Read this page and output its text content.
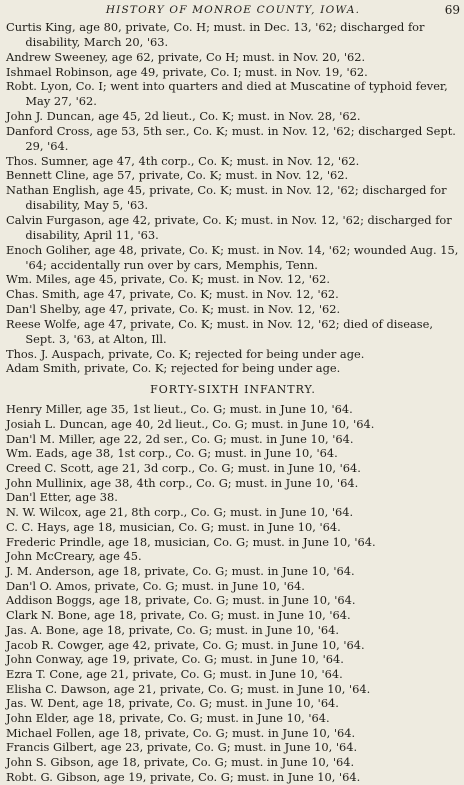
HISTORY OF MONROE COUNTY, IOWA.	69
Curtis King, age 80, private, Co. H; must. in Dec. 13, '62; discharged for disability, March 20, '63.
Andrew Sweeney, age 62, private, Co H; must. in Nov. 20, '62.
Ishmael Robinson, age 49, private, Co. I; must. in Nov. 19, '62.
Robt. Lyon, Co. I; went into quarters and died at Muscatine of typhoid fever, May 27, '62.
John J. Duncan, age 45, 2d lieut., Co. K; must. in Nov. 28, '62.
Danford Cross, age 53, 5th ser., Co. K; must. in Nov. 12, '62; discharged Sept. 29, '64.
Thos. Sumner, age 47, 4th corp., Co. K; must. in Nov. 12, '62.
Bennett Cline, age 57, private, Co. K; must. in Nov. 12, '62.
Nathan English, age 45, private, Co. K; must. in Nov. 12, '62; discharged for disability, May 5, '63.
Calvin Furgason, age 42, private, Co. K; must. in Nov. 12, '62; discharged for disability, April 11, '63.
Enoch Goliher, age 48, private, Co. K; must. in Nov. 14, '62; wounded Aug. 15, '64; accidentally run over by cars, Memphis, Tenn.
Wm. Miles, age 45, private, Co. K; must. in Nov. 12, '62.
Chas. Smith, age 47, private, Co. K; must. in Nov. 12, '62.
Dan'l Shelby, age 47, private, Co. K; must. in Nov. 12, '62.
Reese Wolfe, age 47, private, Co. K; must. in Nov. 12, '62; died of disease, Sept. 3, '63, at Alton, Ill.
Thos. J. Auspach, private, Co. K; rejected for being under age.
Adam Smith, private, Co. K; rejected for being under age.
FORTY-SIXTH INFANTRY.
Henry Miller, age 35, 1st lieut., Co. G; must. in June 10, '64.
Josiah L. Duncan, age 40, 2d lieut., Co. G; must. in June 10, '64.
Dan'l M. Miller, age 22, 2d ser., Co. G; must. in June 10, '64.
Wm. Eads, age 38, 1st corp., Co. G; must. in June 10, '64.
Creed C. Scott, age 21, 3d corp., Co. G; must. in June 10, '64.
John Mullinix, age 38, 4th corp., Co. G; must. in June 10, '64.
Dan'l Etter, age 38.
N. W. Wilcox, age 21, 8th corp., Co. G; must. in June 10, '64.
C. C. Hays, age 18, musician, Co. G; must. in June 10, '64.
Frederic Prindle, age 18, musician, Co. G; must. in June 10, '64.
John McCreary, age 45.
J. M. Anderson, age 18, private, Co. G; must. in June 10, '64.
Dan'l O. Amos, private, Co. G; must. in June 10, '64.
Addison Boggs, age 18, private, Co. G; must. in June 10, '64.
Clark N. Bone, age 18, private, Co. G; must. in June 10, '64.
Jas. A. Bone, age 18, private, Co. G; must. in June 10, '64.
Jacob R. Cowger, age 42, private, Co. G; must. in June 10, '64.
John Conway, age 19, private, Co. G; must. in June 10, '64.
Ezra T. Cone, age 21, private, Co. G; must. in June 10, '64.
Elisha C. Dawson, age 21, private, Co. G; must. in June 10, '64.
Jas. W. Dent, age 18, private, Co. G; must. in June 10, '64.
John Elder, age 18, private, Co. G; must. in June 10, '64.
Michael Follen, age 18, private, Co. G; must. in June 10, '64.
Francis Gilbert, age 23, private, Co. G; must. in June 10, '64.
John S. Gibson, age 18, private, Co. G; must. in June 10, '64.
Robt. G. Gibson, age 19, private, Co. G; must. in June 10, '64.
